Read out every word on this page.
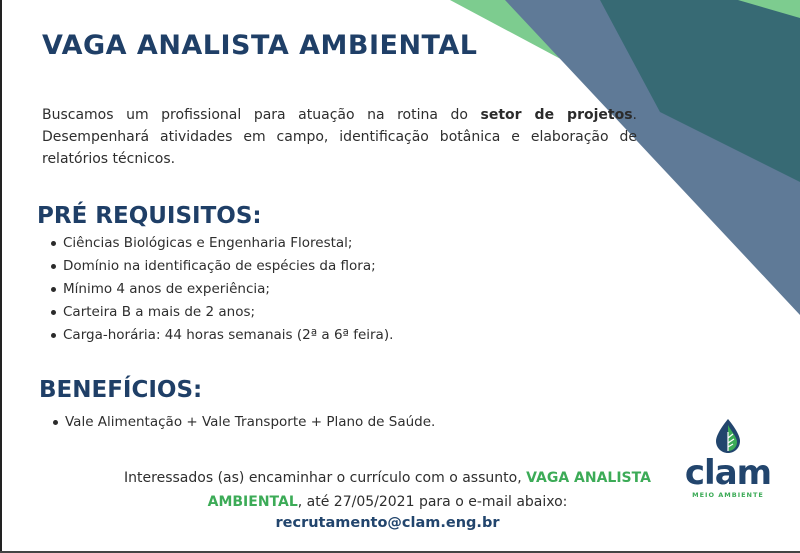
VAGA ANALISTA AMBIENTAL

Buscamos um profissional para atuação na rotina do setor de projetos. Desempenhará atividades em campo, identificação botânica e elaboração de relatórios técnicos.

PRÉ REQUISITOS:
Ciências Biológicas e Engenharia Florestal;
Domínio na identificação de espécies da flora;
Mínimo 4 anos de experiência;
Carteira B a mais de 2 anos;
Carga-horária: 44 horas semanais (2ª a 6ª feira).
BENEFÍCIOS:
Vale Alimentação + Vale Transporte + Plano de Saúde.

Interessados (as) encaminhar o currículo com o assunto, VAGA ANALISTA AMBIENTAL, até 27/05/2021 para o e-mail abaixo:

recrutamento@clam.eng.br

clam
MEIO AMBIENTE
